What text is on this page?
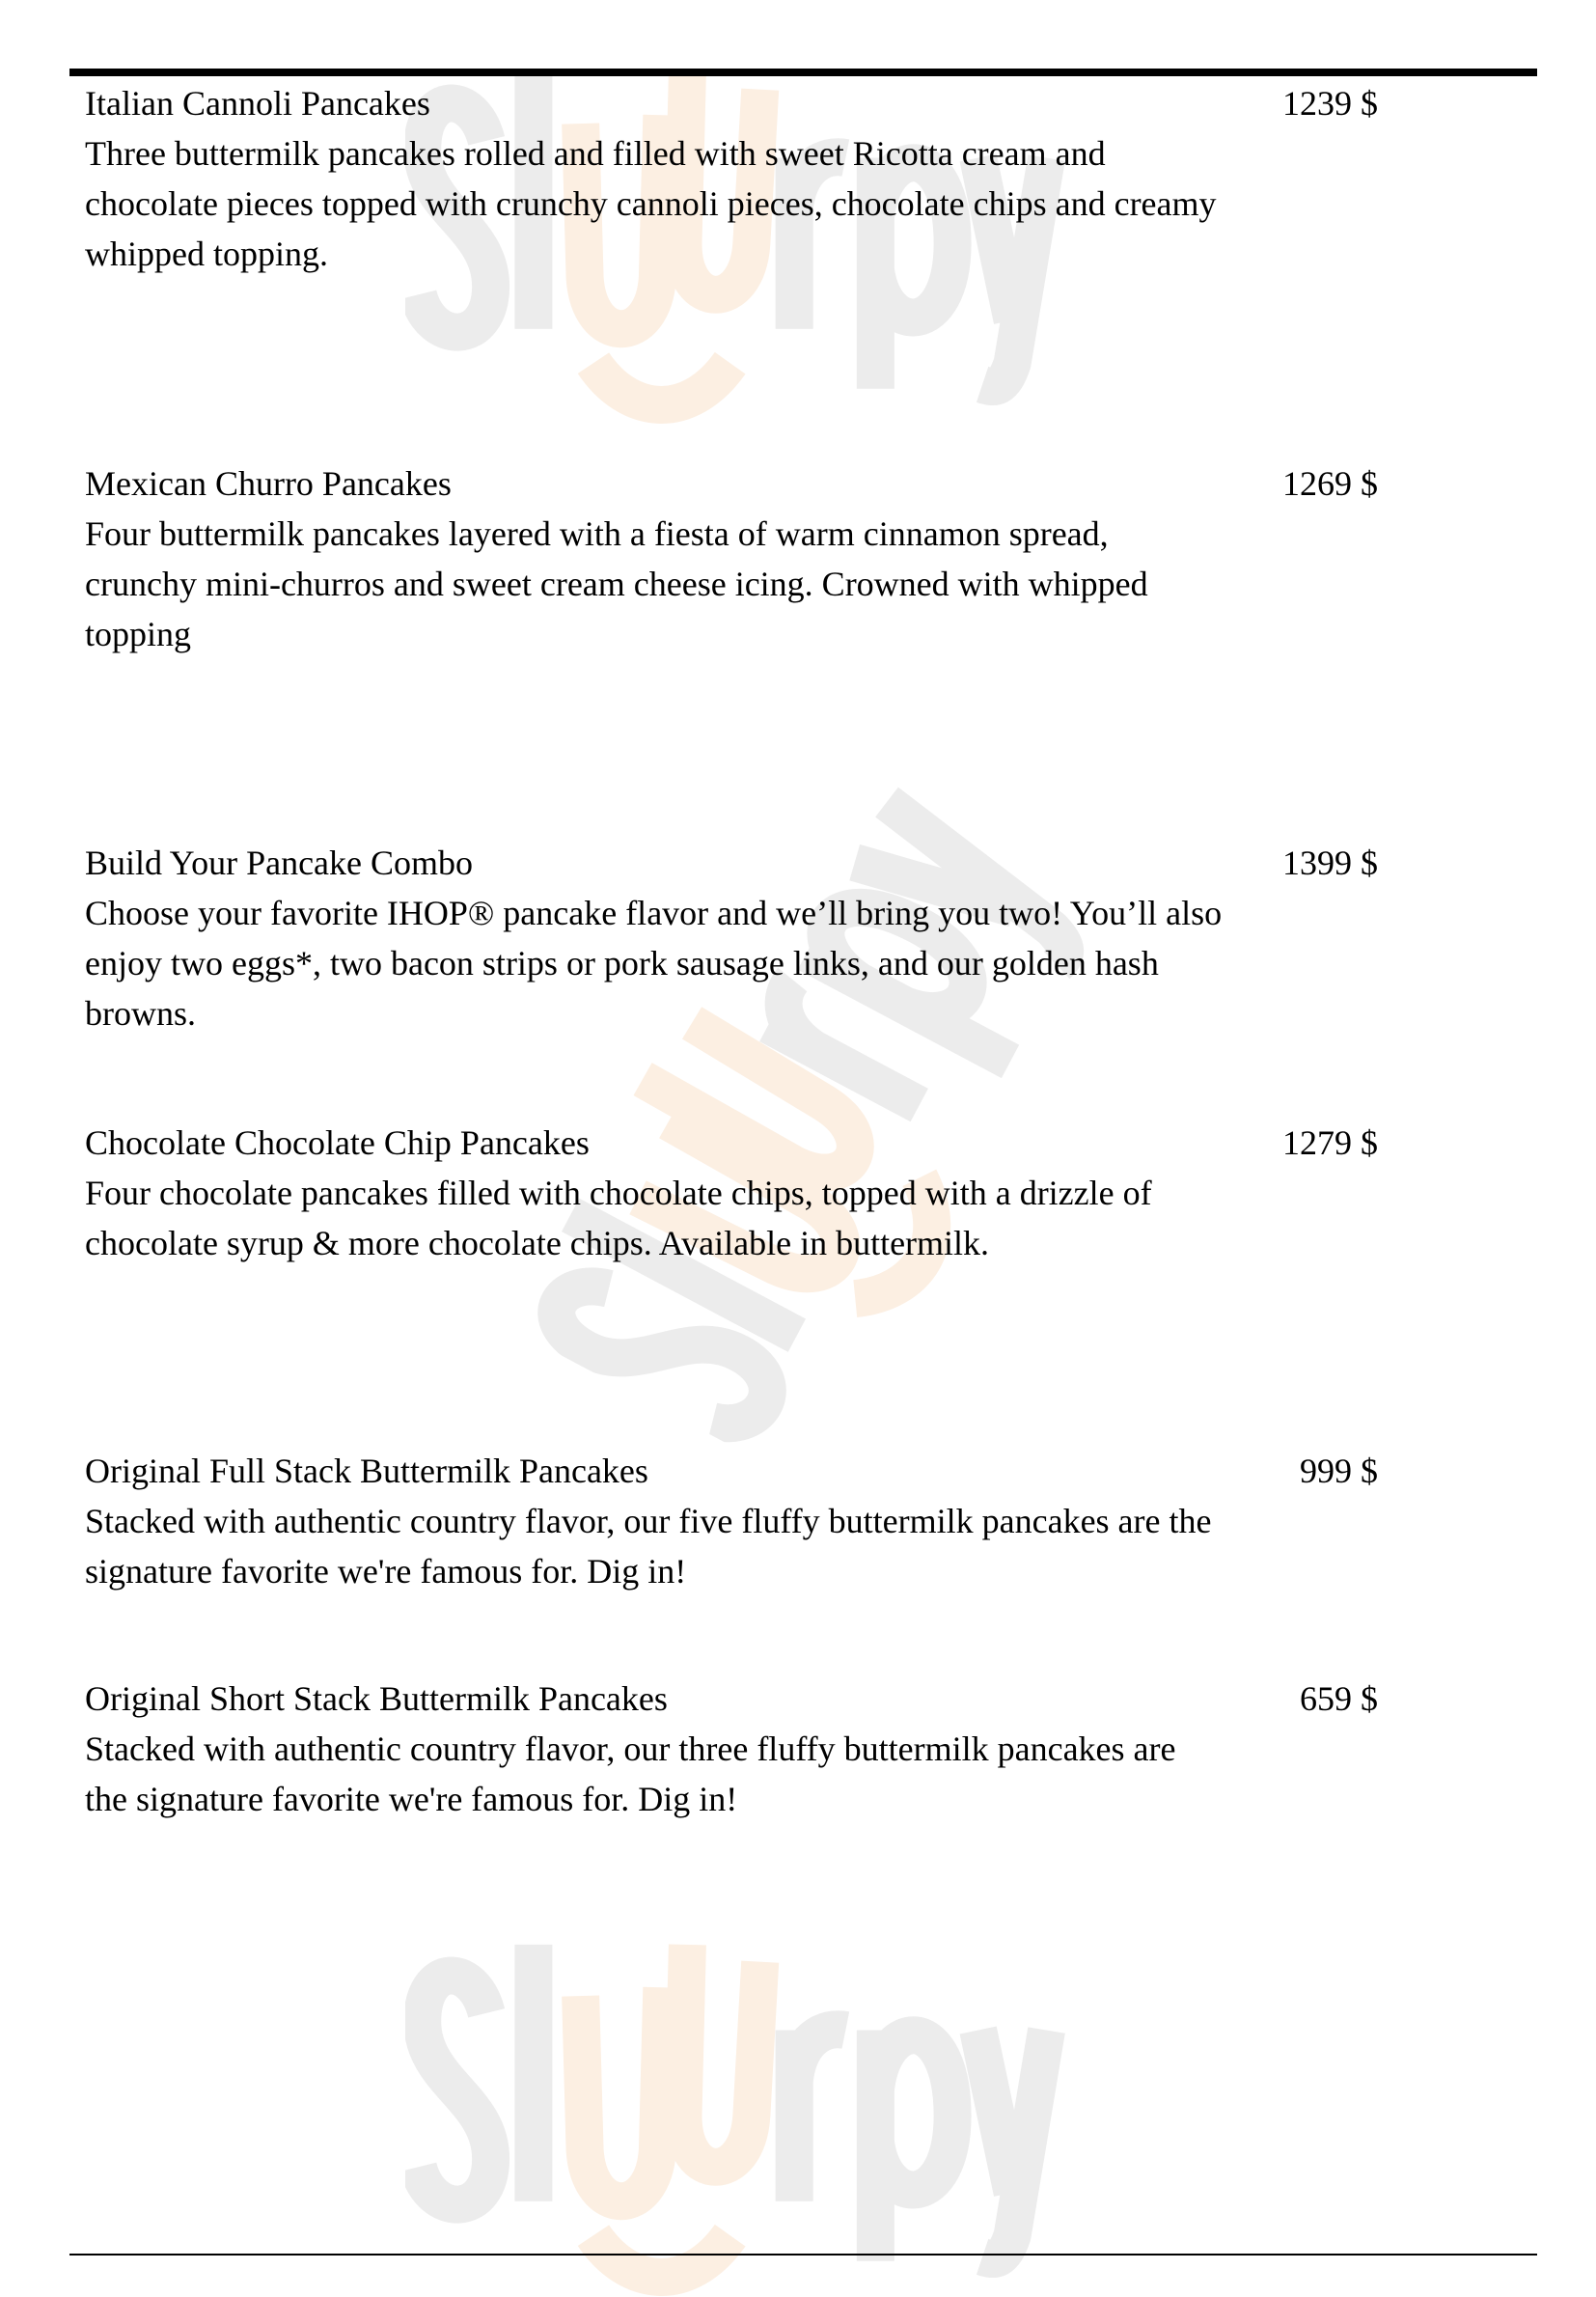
Italian Cannoli Pancakes
Three buttermilk pancakes rolled and filled with sweet Ricotta cream and chocolate pieces topped with crunchy cannoli pieces, chocolate chips and creamy whipped topping.
1239 $
Mexican Churro Pancakes
Four buttermilk pancakes layered with a fiesta of warm cinnamon spread, crunchy mini-churros and sweet cream cheese icing. Crowned with whipped topping
1269 $
Build Your Pancake Combo
Choose your favorite IHOP® pancake flavor and we’ll bring you two! You’ll also enjoy two eggs*, two bacon strips or pork sausage links, and our golden hash browns.
1399 $
Chocolate Chocolate Chip Pancakes
Four chocolate pancakes filled with chocolate chips, topped with a drizzle of chocolate syrup & more chocolate chips. Available in buttermilk.
1279 $
Original Full Stack Buttermilk Pancakes
Stacked with authentic country flavor, our five fluffy buttermilk pancakes are the signature favorite we're famous for. Dig in!
999 $
Original Short Stack Buttermilk Pancakes
Stacked with authentic country flavor, our three fluffy buttermilk pancakes are the signature favorite we're famous for. Dig in!
659 $
